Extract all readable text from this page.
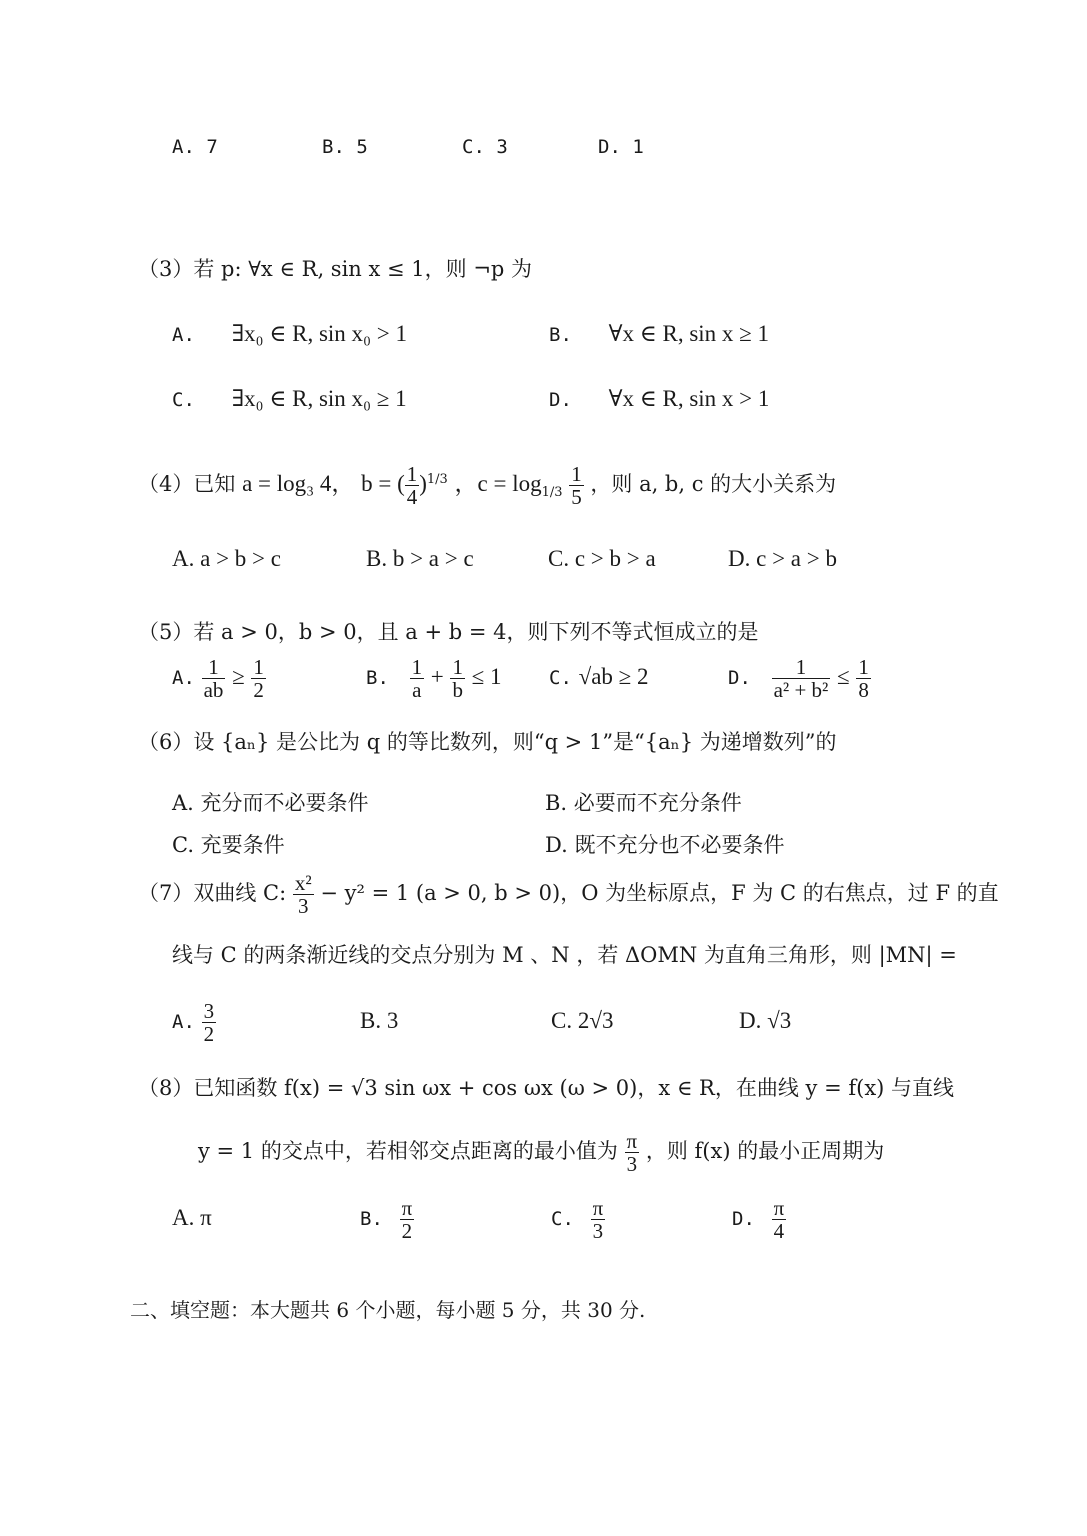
A. 7	B. 5	C. 3	D. 1
（3）若 p: ∀x ∈ R, sin x ≤ 1，则 ¬p 为
A. ∃x₀ ∈ R, sin x₀ > 1	B. ∀x ∈ R, sin x ≥ 1
C. ∃x₀ ∈ R, sin x₀ ≥ 1	D. ∀x ∈ R, sin x > 1
（4）已知 a = log₃ 4， b = ( $\frac{1}{4} )^{1/3}$ ，$c = \log_{1/3} \frac{1}{5}$ ，则 a, b, c 的大小关系为
A. a > b > c	B. b > a > c	C. c > b > a	D. c > a > b
（5）若 a > 0，b > 0，且 a + b = 4，则下列不等式恒成立的是
A. $\frac{1}{ab} \ge \frac{1}{2}$	B. $\frac{1}{a} + \frac{1}{b} \le 1$	C. √ab ≥ 2	D. $\frac{1}{\text{a² + b²}} \le \frac{1}{8}$
（6）设 {aₙ} 是公比为 q 的等比数列，则“q > 1”是“{aₙ} 为递增数列”的
A. 充分而不必要条件	B. 必要而不充分条件
C. 充要条件	D. 既不充分也不必要条件
（7）双曲线 C: $\frac{\text{x²}}{3} - y^2 = 1$ (a > 0, b > 0)，O 为坐标原点，F 为 C 的右焦点，过 F 的直
线与 C 的两条渐近线的交点分别为 M 、N ，若 ΔOMN 为直角三角形，则 |MN| =
A. $\frac{3}{2}$	B. 3	C. 2√3	D. √3
（8）已知函数 f(x) = √3 sin ωx + cos ωx (ω > 0)，x ∈ R，在曲线 y = f(x) 与直线
y = 1 的交点中，若相邻交点距离的最小值为 $\frac{\pi}{3}$ ，则 f(x) 的最小正周期为
A. π	B. $\frac{\pi}{2}$	C. $\frac{\pi}{3}$	D. $\frac{\pi}{4}$
二、填空题：本大题共 6 个小题，每小题 5 分，共 30 分.
